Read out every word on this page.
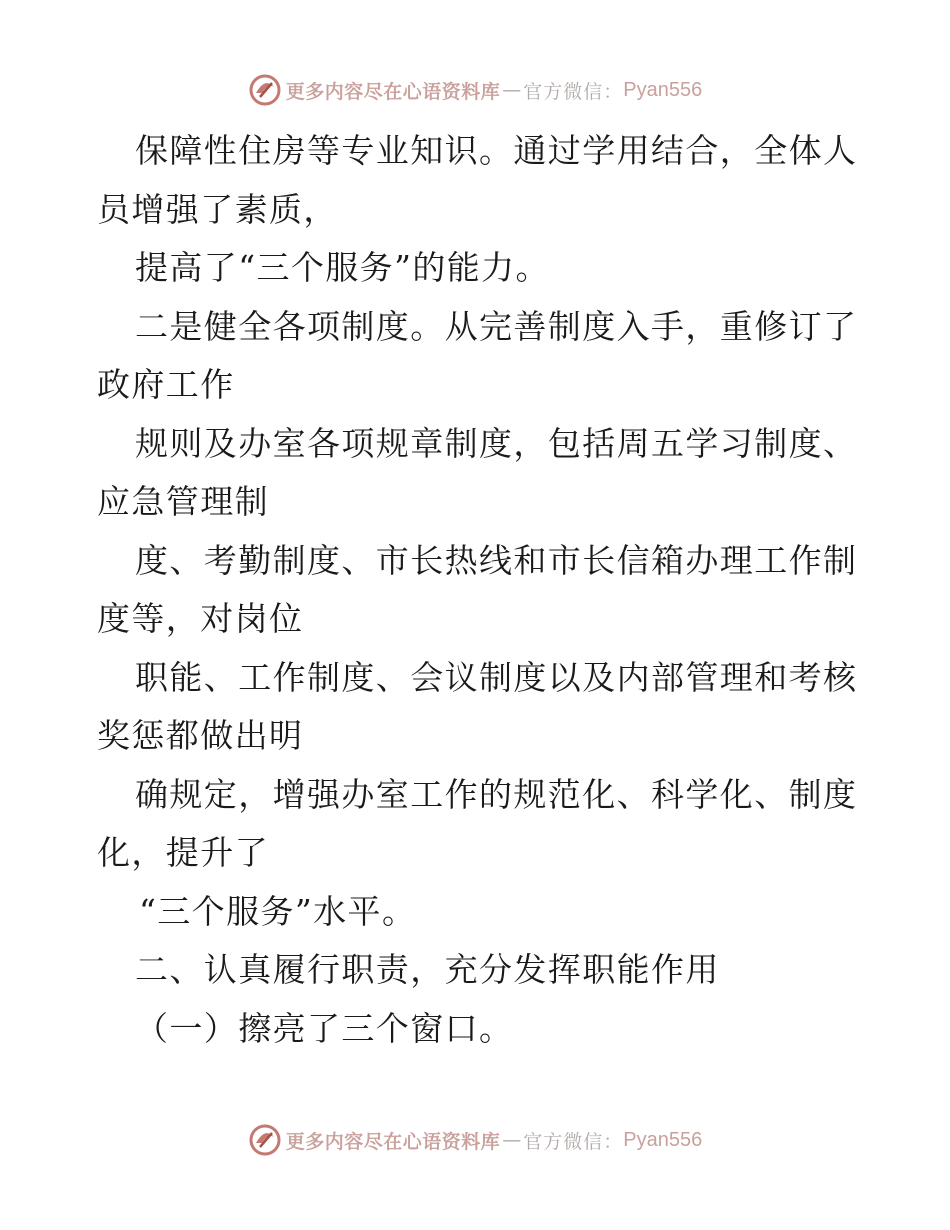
更多内容尽在心语资料库 — 官方微信： Pyan556
保障性住房等专业知识。通过学用结合，全体人
员增强了素质，
提高了“三个服务”的能力。
二是健全各项制度。从完善制度入手，重修订了
政府工作
规则及办室各项规章制度，包括周五学习制度、
应急管理制
度、考勤制度、市长热线和市长信箱办理工作制
度等，对岗位
职能、工作制度、会议制度以及内部管理和考核
奖惩都做出明
确规定，增强办室工作的规范化、科学化、制度
化，提升了
“三个服务”水平。
二、认真履行职责，充分发挥职能作用
（一）擦亮了三个窗口。
更多内容尽在心语资料库 — 官方微信： Pyan556
